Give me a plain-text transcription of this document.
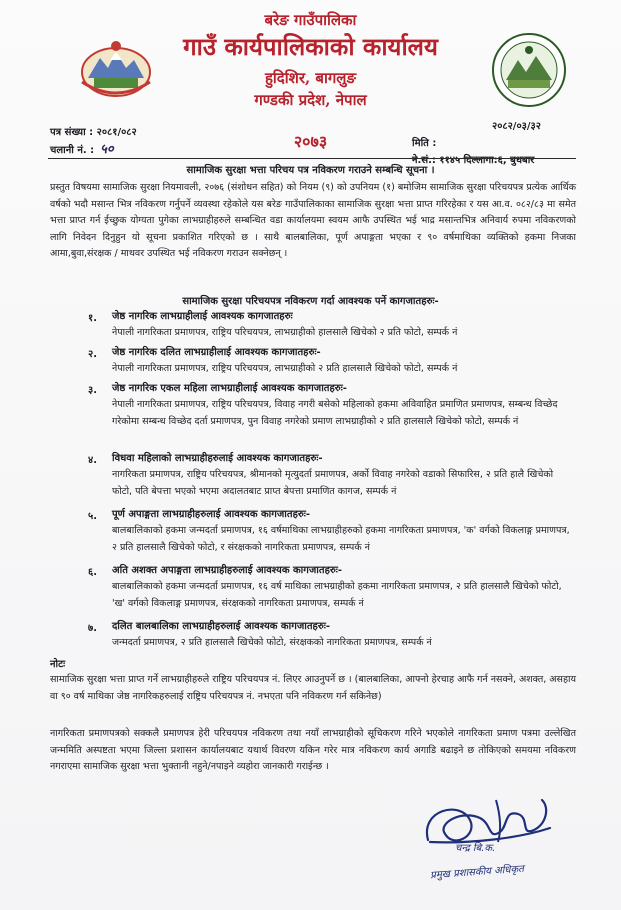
बरेङ गाउँपालिका
गाउँ कार्यपालिकाको कार्यालय
हुदिशिर, बागलुङ
गण्डकी प्रदेश, नेपाल
२०७३
पत्र संख्या : २०८१/०८२
चलानी नं. : ५०
२०८२/०३/३२
मिति :
ने.सं.: ११४५ दिल्लागा:६, बुधबार
सामाजिक सुरक्षा भत्ता परिचय पत्र नविकरण गराउने सम्बन्धि सूचना ।

प्रस्तुत विषयमा सामाजिक सुरक्षा नियमावली, २०७६ (संशोधन सहित) को नियम (९) को उपनियम (१) बमोजिम सामाजिक सुरक्षा परिचयपत्र प्रत्येक आर्थिक वर्षको भदौ मसान्त भित्र नविकरण गर्नुपर्ने व्यवस्था रहेकोले यस बरेङ गाउँपालिकाका सामाजिक सुरक्षा भत्ता प्राप्त गरिरहेका र यस आ.व. ०८२/८३ मा समेत भत्ता प्राप्त गर्न ईच्छुक योग्यता पुगेका लाभग्राहीहरुले सम्बन्धित वडा कार्यालयमा स्वयम आफै उपस्थित भई भाद्र मसान्तभित्र अनिवार्य रुपमा नविकरणको लागि निवेदन दिनुहुन यो सूचना प्रकाशित गरिएको छ । साथै बालबालिका, पूर्ण अपाङ्गता भएका र ९० वर्षमाथिका व्यक्तिको हकमा निजका आमा,बुवा,संरक्षक / माथवर उपस्थित भई नविकरण गराउन सक्नेछन् ।

सामाजिक सुरक्षा परिचयपत्र नविकरण गर्दा आवश्यक पर्ने कागजातहरुः-
१. जेष्ठ नागरिक लाभग्राहीलाई आवश्यक कागजातहरुः

नेपाली नागरिकता प्रमाणपत्र, राष्ट्रिय परिचयपत्र, लाभग्राहीको हालसालै खिचेको २ प्रति फोटो, सम्पर्क नं

२. जेष्ठ नागरिक दलित लाभग्राहीलाई आवश्यक कागजातहरुः-

नेपाली नागरिकता प्रमाणपत्र, राष्ट्रिय परिचयपत्र, लाभग्राहीको २ प्रति हालसालै खिचेको फोटो, सम्पर्क नं

३. जेष्ठ नागरिक एकल महिला लाभग्राहीलाई आवश्यक कागजातहरुः-

नेपाली नागरिकता प्रमाणपत्र, राष्ट्रिय परिचयपत्र, विवाह नगरी बसेको महिलाको हकमा अविवाहित प्रमाणित प्रमाणपत्र, सम्बन्ध विच्छेद गरेकोमा सम्बन्ध विच्छेद दर्ता प्रमाणपत्र, पुन विवाह नगरेको प्रमाण लाभग्राहीको २ प्रति हालसालै खिचेको फोटो, सम्पर्क नं

४. विधवा महिलाको लाभग्राहीहरुलाई आवश्यक कागजातहरुः-

नागरिकता प्रमाणपत्र, राष्ट्रिय परिचयपत्र, श्रीमानको मृत्युदर्ता प्रमाणपत्र, अर्को विवाह नगरेको वडाको सिफारिस, २ प्रति हालै खिचेको फोटो, पति बेपत्ता भएको भएमा अदालतबाट प्राप्त बेपत्ता प्रमाणित कागज, सम्पर्क नं

५. पूर्ण अपाङ्गता लाभग्राहीहरुलाई आवश्यक कागजातहरुः-

बालबालिकाको हकमा जन्मदर्ता प्रमाणपत्र, १६ वर्षमाथिका लाभग्राहीहरुको हकमा नागरिकता प्रमाणपत्र, 'क' वर्गको विकलाङ्ग प्रमाणपत्र, २ प्रति हालसालै खिचेको फोटो, र संरक्षकको नागरिकता प्रमाणपत्र, सम्पर्क नं

६. अति अशक्त अपाङ्गता लाभग्राहीहरुलाई आवश्यक कागजातहरुः-

बालबालिकाको हकमा जन्मदर्ता प्रमाणपत्र, १६ वर्ष माथिका लाभग्राहीको हकमा नागरिकता प्रमाणपत्र, २ प्रति हालसालै खिचेको फोटो, 'ख' वर्गको विकलाङ्ग प्रमाणपत्र, संरक्षकको नागरिकता प्रमाणपत्र, सम्पर्क नं

७. दलित बालबालिका लाभग्राहीहरुलाई आवश्यक कागजातहरुः-

जन्मदर्ता प्रमाणपत्र, २ प्रति हालसालै खिचेको फोटो, संरक्षकको नागरिकता प्रमाणपत्र, सम्पर्क नं

नोटः

सामाजिक सुरक्षा भत्ता प्राप्त गर्ने लाभग्राहीहरुले राष्ट्रिय परिचयपत्र नं. लिएर आउनुपर्ने छ । (बालबालिका, आफ्नो हेरचाह आफै गर्न नसक्ने, अशक्त, असहाय वा ९० वर्ष माथिका जेष्ठ नागरिकहरुलाई राष्ट्रिय परिचयपत्र नं. नभएता पनि नविकरण गर्न सकिनेछ)

नागरिकता प्रमाणपत्रको सक्कलै प्रमाणपत्र हेरी परिचयपत्र नविकरण तथा नयाँ लाभग्राहीको सूचिकरण गरिने भएकोले नागरिकता प्रमाण पत्रमा उल्लेखित जन्ममिति अस्पष्टता भएमा जिल्ला प्रशासन कार्यालयबाट यथार्थ विवरण यकिन गरेर मात्र नविकरण कार्य अगाडि बढाइने छ तोकिएको समयमा नविकरण नगराएमा सामाजिक सुरक्षा भत्ता भुक्तानी नहुने/नपाइने व्यहोरा जानकारी गराईन्छ ।

चन्द्र बि.क.
प्रमुख प्रशासकीय अधिकृत
